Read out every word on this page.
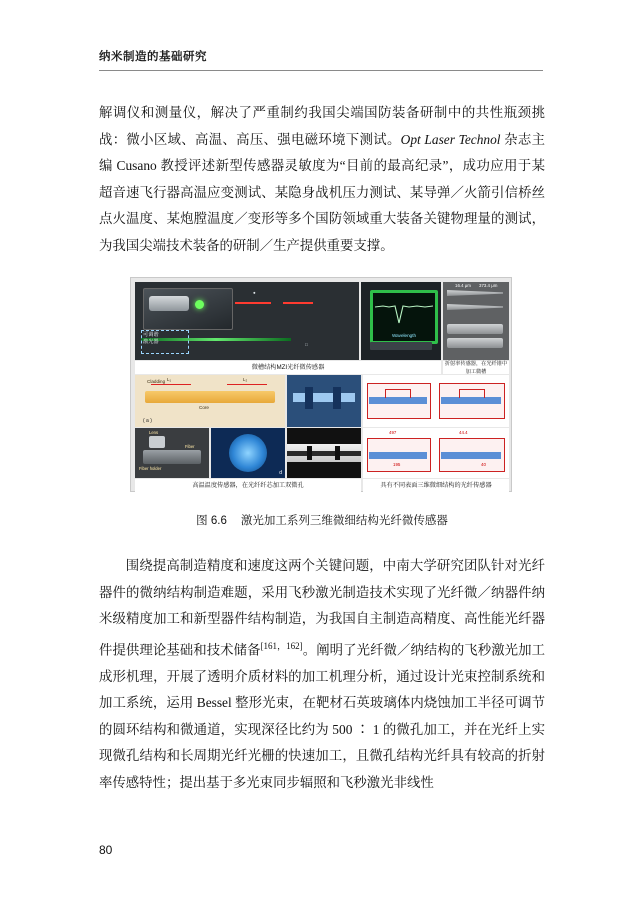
纳米制造的基础研究

解调仪和测量仪，解决了严重制约我国尖端国防装备研制中的共性瓶颈挑战：微小区域、高温、高压、强电磁环境下测试。Opt Laser Technol 杂志主编 Cusano 教授评述新型传感器灵敏度为“目前的最高纪录”，成功应用于某超音速飞行器高温应变测试、某隐身战机压力测试、某导弹／火箭引信桥丝点火温度、某炮膛温度／变形等多个国防领域重大装备关键物理量的测试，为我国尖端技术装备的研制／生产提供重要支撑。

可调谐
激光器
●
□
Wavelength
16.4 μm 373.4 μm
微槽结构MZI光纤微传感器	折射率传感器，在光纤锥中加工微槽
Cladding
Core
L₁	L₂
( a )
Lens
Fiber holder
Fiber
d
497
195
44.4
40
高温温度传感器，在光纤纤芯加工双微孔	具有不同表面三维微细结构的光纤传感器
图 6.6 激光加工系列三维微细结构光纤微传感器

围绕提高制造精度和速度这两个关键问题，中南大学研究团队针对光纤器件的微纳结构制造难题，采用飞秒激光制造技术实现了光纤微／纳器件纳米级精度加工和新型器件结构制造，为我国自主制造高精度、高性能光纤器件提供理论基础和技术储备[161，162]。阐明了光纤微／纳结构的飞秒激光加工成形机理，开展了透明介质材料的加工机理分析，通过设计光束控制系统和加工系统，运用 Bessel 整形光束，在靶材石英玻璃体内烧蚀加工半径可调节的圆环结构和微通道，实现深径比约为 500 ∶ 1 的微孔加工，并在光纤上实现微孔结构和长周期光纤光栅的快速加工，且微孔结构光纤具有较高的折射率传感特性；提出基于多光束同步辐照和飞秒激光非线性

80
